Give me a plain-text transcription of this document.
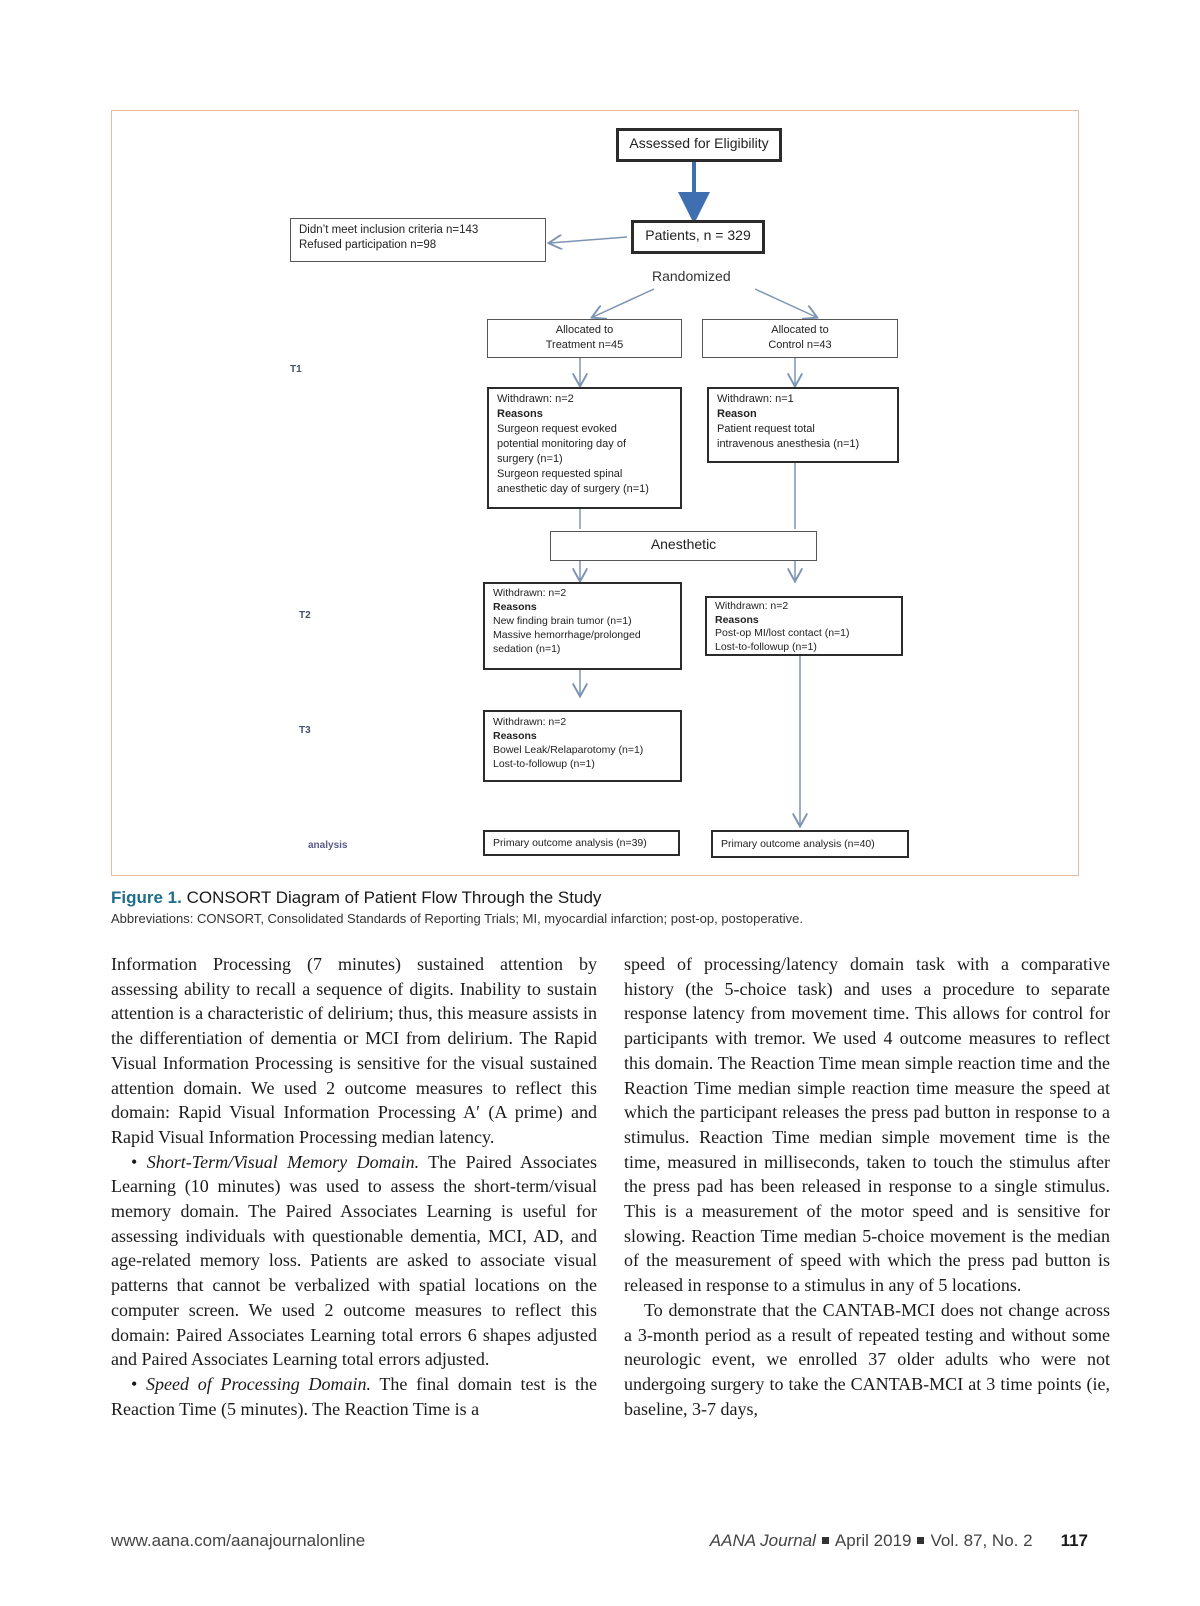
Assessed for Eligibility
Didn’t meet inclusion criteria n=143
Refused participation n=98
Patients, n = 329
Randomized
Allocated to
Treatment n=45
Allocated to
Control n=43
T1
Withdrawn: n=2
Reasons
Surgeon request evoked
potential monitoring day of
surgery (n=1)
Surgeon requested spinal
anesthetic day of surgery (n=1)
Withdrawn: n=1
Reason
Patient request total
intravenous anesthesia (n=1)
Anesthetic
T2
Withdrawn: n=2
Reasons
New finding brain tumor (n=1)
Massive hemorrhage/prolonged
sedation (n=1)
Withdrawn: n=2
Reasons
Post-op MI/lost contact (n=1)
Lost-to-followup (n=1)
T3
Withdrawn: n=2
Reasons
Bowel Leak/Relaparotomy (n=1)
Lost-to-followup (n=1)
analysis	Primary outcome analysis (n=39)	Primary outcome analysis (n=40)
Figure 1. CONSORT Diagram of Patient Flow Through the Study
Abbreviations: CONSORT, Consolidated Standards of Reporting Trials; MI, myocardial infarction; post-op, postoperative.

Information Processing (7 minutes) sustained attention by assessing ability to recall a sequence of digits. Inability to sustain attention is a characteristic of delirium; thus, this measure assists in the differentiation of dementia or MCI from delirium. The Rapid Visual Information Processing is sensitive for the visual sustained attention domain. We used 2 outcome measures to reflect this domain: Rapid Visual Information Processing A′ (A prime) and Rapid Visual Information Processing median latency.

• Short-Term/Visual Memory Domain. The Paired Associates Learning (10 minutes) was used to assess the short-term/visual memory domain. The Paired Associates Learning is useful for assessing individuals with questionable dementia, MCI, AD, and age-related memory loss. Patients are asked to associate visual patterns that cannot be verbalized with spatial locations on the computer screen. We used 2 outcome measures to reflect this domain: Paired Associates Learning total errors 6 shapes adjusted and Paired Associates Learning total errors adjusted.

• Speed of Processing Domain. The final domain test is the Reaction Time (5 minutes). The Reaction Time is a

speed of processing/latency domain task with a comparative history (the 5-choice task) and uses a procedure to separate response latency from movement time. This allows for control for participants with tremor. We used 4 outcome measures to reflect this domain. The Reaction Time mean simple reaction time and the Reaction Time median simple reaction time measure the speed at which the participant releases the press pad button in response to a stimulus. Reaction Time median simple movement time is the time, measured in milliseconds, taken to touch the stimulus after the press pad has been released in response to a single stimulus. This is a measurement of the motor speed and is sensitive for slowing. Reaction Time median 5-choice movement is the median of the measurement of speed with which the press pad button is released in response to a stimulus in any of 5 locations.

To demonstrate that the CANTAB-MCI does not change across a 3-month period as a result of repeated testing and without some neurologic event, we enrolled 37 older adults who were not undergoing surgery to take the CANTAB-MCI at 3 time points (ie, baseline, 3-7 days,

www.aana.com/aanajournalonline	AANA Journal April 2019 Vol. 87, No. 2 117
